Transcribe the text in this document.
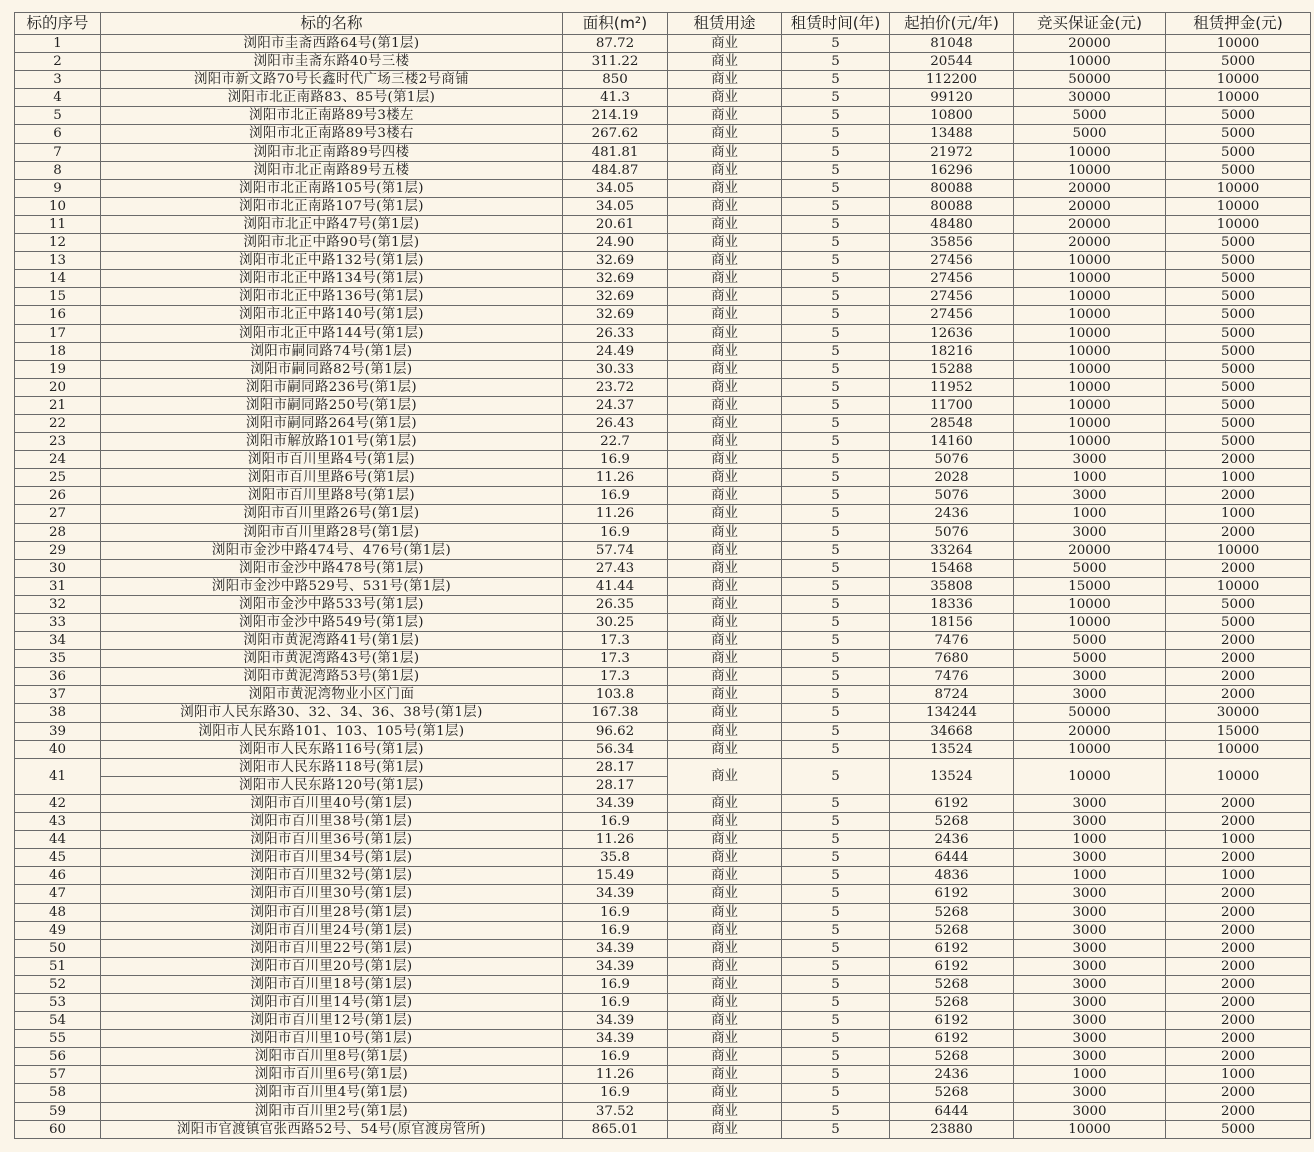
标的序号	标的名称	面积(m²)	租赁用途	租赁时间(年)	起拍价(元/年)	竞买保证金(元)	租赁押金(元)
1	浏阳市圭斋西路64号(第1层)	87.72	商业	5	81048	20000	10000
2	浏阳市圭斋东路40号三楼	311.22	商业	5	20544	10000	5000
3	浏阳市新文路70号长鑫时代广场三楼2号商铺	850	商业	5	112200	50000	10000
4	浏阳市北正南路83、85号(第1层)	41.3	商业	5	99120	30000	10000
5	浏阳市北正南路89号3楼左	214.19	商业	5	10800	5000	5000
6	浏阳市北正南路89号3楼右	267.62	商业	5	13488	5000	5000
7	浏阳市北正南路89号四楼	481.81	商业	5	21972	10000	5000
8	浏阳市北正南路89号五楼	484.87	商业	5	16296	10000	5000
9	浏阳市北正南路105号(第1层)	34.05	商业	5	80088	20000	10000
10	浏阳市北正南路107号(第1层)	34.05	商业	5	80088	20000	10000
11	浏阳市北正中路47号(第1层)	20.61	商业	5	48480	20000	10000
12	浏阳市北正中路90号(第1层)	24.90	商业	5	35856	20000	5000
13	浏阳市北正中路132号(第1层)	32.69	商业	5	27456	10000	5000
14	浏阳市北正中路134号(第1层)	32.69	商业	5	27456	10000	5000
15	浏阳市北正中路136号(第1层)	32.69	商业	5	27456	10000	5000
16	浏阳市北正中路140号(第1层)	32.69	商业	5	27456	10000	5000
17	浏阳市北正中路144号(第1层)	26.33	商业	5	12636	10000	5000
18	浏阳市嗣同路74号(第1层)	24.49	商业	5	18216	10000	5000
19	浏阳市嗣同路82号(第1层)	30.33	商业	5	15288	10000	5000
20	浏阳市嗣同路236号(第1层)	23.72	商业	5	11952	10000	5000
21	浏阳市嗣同路250号(第1层)	24.37	商业	5	11700	10000	5000
22	浏阳市嗣同路264号(第1层)	26.43	商业	5	28548	10000	5000
23	浏阳市解放路101号(第1层)	22.7	商业	5	14160	10000	5000
24	浏阳市百川里路4号(第1层)	16.9	商业	5	5076	3000	2000
25	浏阳市百川里路6号(第1层)	11.26	商业	5	2028	1000	1000
26	浏阳市百川里路8号(第1层)	16.9	商业	5	5076	3000	2000
27	浏阳市百川里路26号(第1层)	11.26	商业	5	2436	1000	1000
28	浏阳市百川里路28号(第1层)	16.9	商业	5	5076	3000	2000
29	浏阳市金沙中路474号、476号(第1层)	57.74	商业	5	33264	20000	10000
30	浏阳市金沙中路478号(第1层)	27.43	商业	5	15468	5000	2000
31	浏阳市金沙中路529号、531号(第1层)	41.44	商业	5	35808	15000	10000
32	浏阳市金沙中路533号(第1层)	26.35	商业	5	18336	10000	5000
33	浏阳市金沙中路549号(第1层)	30.25	商业	5	18156	10000	5000
34	浏阳市黄泥湾路41号(第1层)	17.3	商业	5	7476	5000	2000
35	浏阳市黄泥湾路43号(第1层)	17.3	商业	5	7680	5000	2000
36	浏阳市黄泥湾路53号(第1层)	17.3	商业	5	7476	3000	2000
37	浏阳市黄泥湾物业小区门面	103.8	商业	5	8724	3000	2000
38	浏阳市人民东路30、32、34、36、38号(第1层)	167.38	商业	5	134244	50000	30000
39	浏阳市人民东路101、103、105号(第1层)	96.62	商业	5	34668	20000	15000
40	浏阳市人民东路116号(第1层)	56.34	商业	5	13524	10000	10000
41	浏阳市人民东路118号(第1层)	28.17	商业	5	13524	10000	10000
	浏阳市人民东路120号(第1层)	28.17					
42	浏阳市百川里40号(第1层)	34.39	商业	5	6192	3000	2000
43	浏阳市百川里38号(第1层)	16.9	商业	5	5268	3000	2000
44	浏阳市百川里36号(第1层)	11.26	商业	5	2436	1000	1000
45	浏阳市百川里34号(第1层)	35.8	商业	5	6444	3000	2000
46	浏阳市百川里32号(第1层)	15.49	商业	5	4836	1000	1000
47	浏阳市百川里30号(第1层)	34.39	商业	5	6192	3000	2000
48	浏阳市百川里28号(第1层)	16.9	商业	5	5268	3000	2000
49	浏阳市百川里24号(第1层)	16.9	商业	5	5268	3000	2000
50	浏阳市百川里22号(第1层)	34.39	商业	5	6192	3000	2000
51	浏阳市百川里20号(第1层)	34.39	商业	5	6192	3000	2000
52	浏阳市百川里18号(第1层)	16.9	商业	5	5268	3000	2000
53	浏阳市百川里14号(第1层)	16.9	商业	5	5268	3000	2000
54	浏阳市百川里12号(第1层)	34.39	商业	5	6192	3000	2000
55	浏阳市百川里10号(第1层)	34.39	商业	5	6192	3000	2000
56	浏阳市百川里8号(第1层)	16.9	商业	5	5268	3000	2000
57	浏阳市百川里6号(第1层)	11.26	商业	5	2436	1000	1000
58	浏阳市百川里4号(第1层)	16.9	商业	5	5268	3000	2000
59	浏阳市百川里2号(第1层)	37.52	商业	5	6444	3000	2000
60	浏阳市官渡镇官张西路52号、54号(原官渡房管所)	865.01	商业	5	23880	10000	5000
